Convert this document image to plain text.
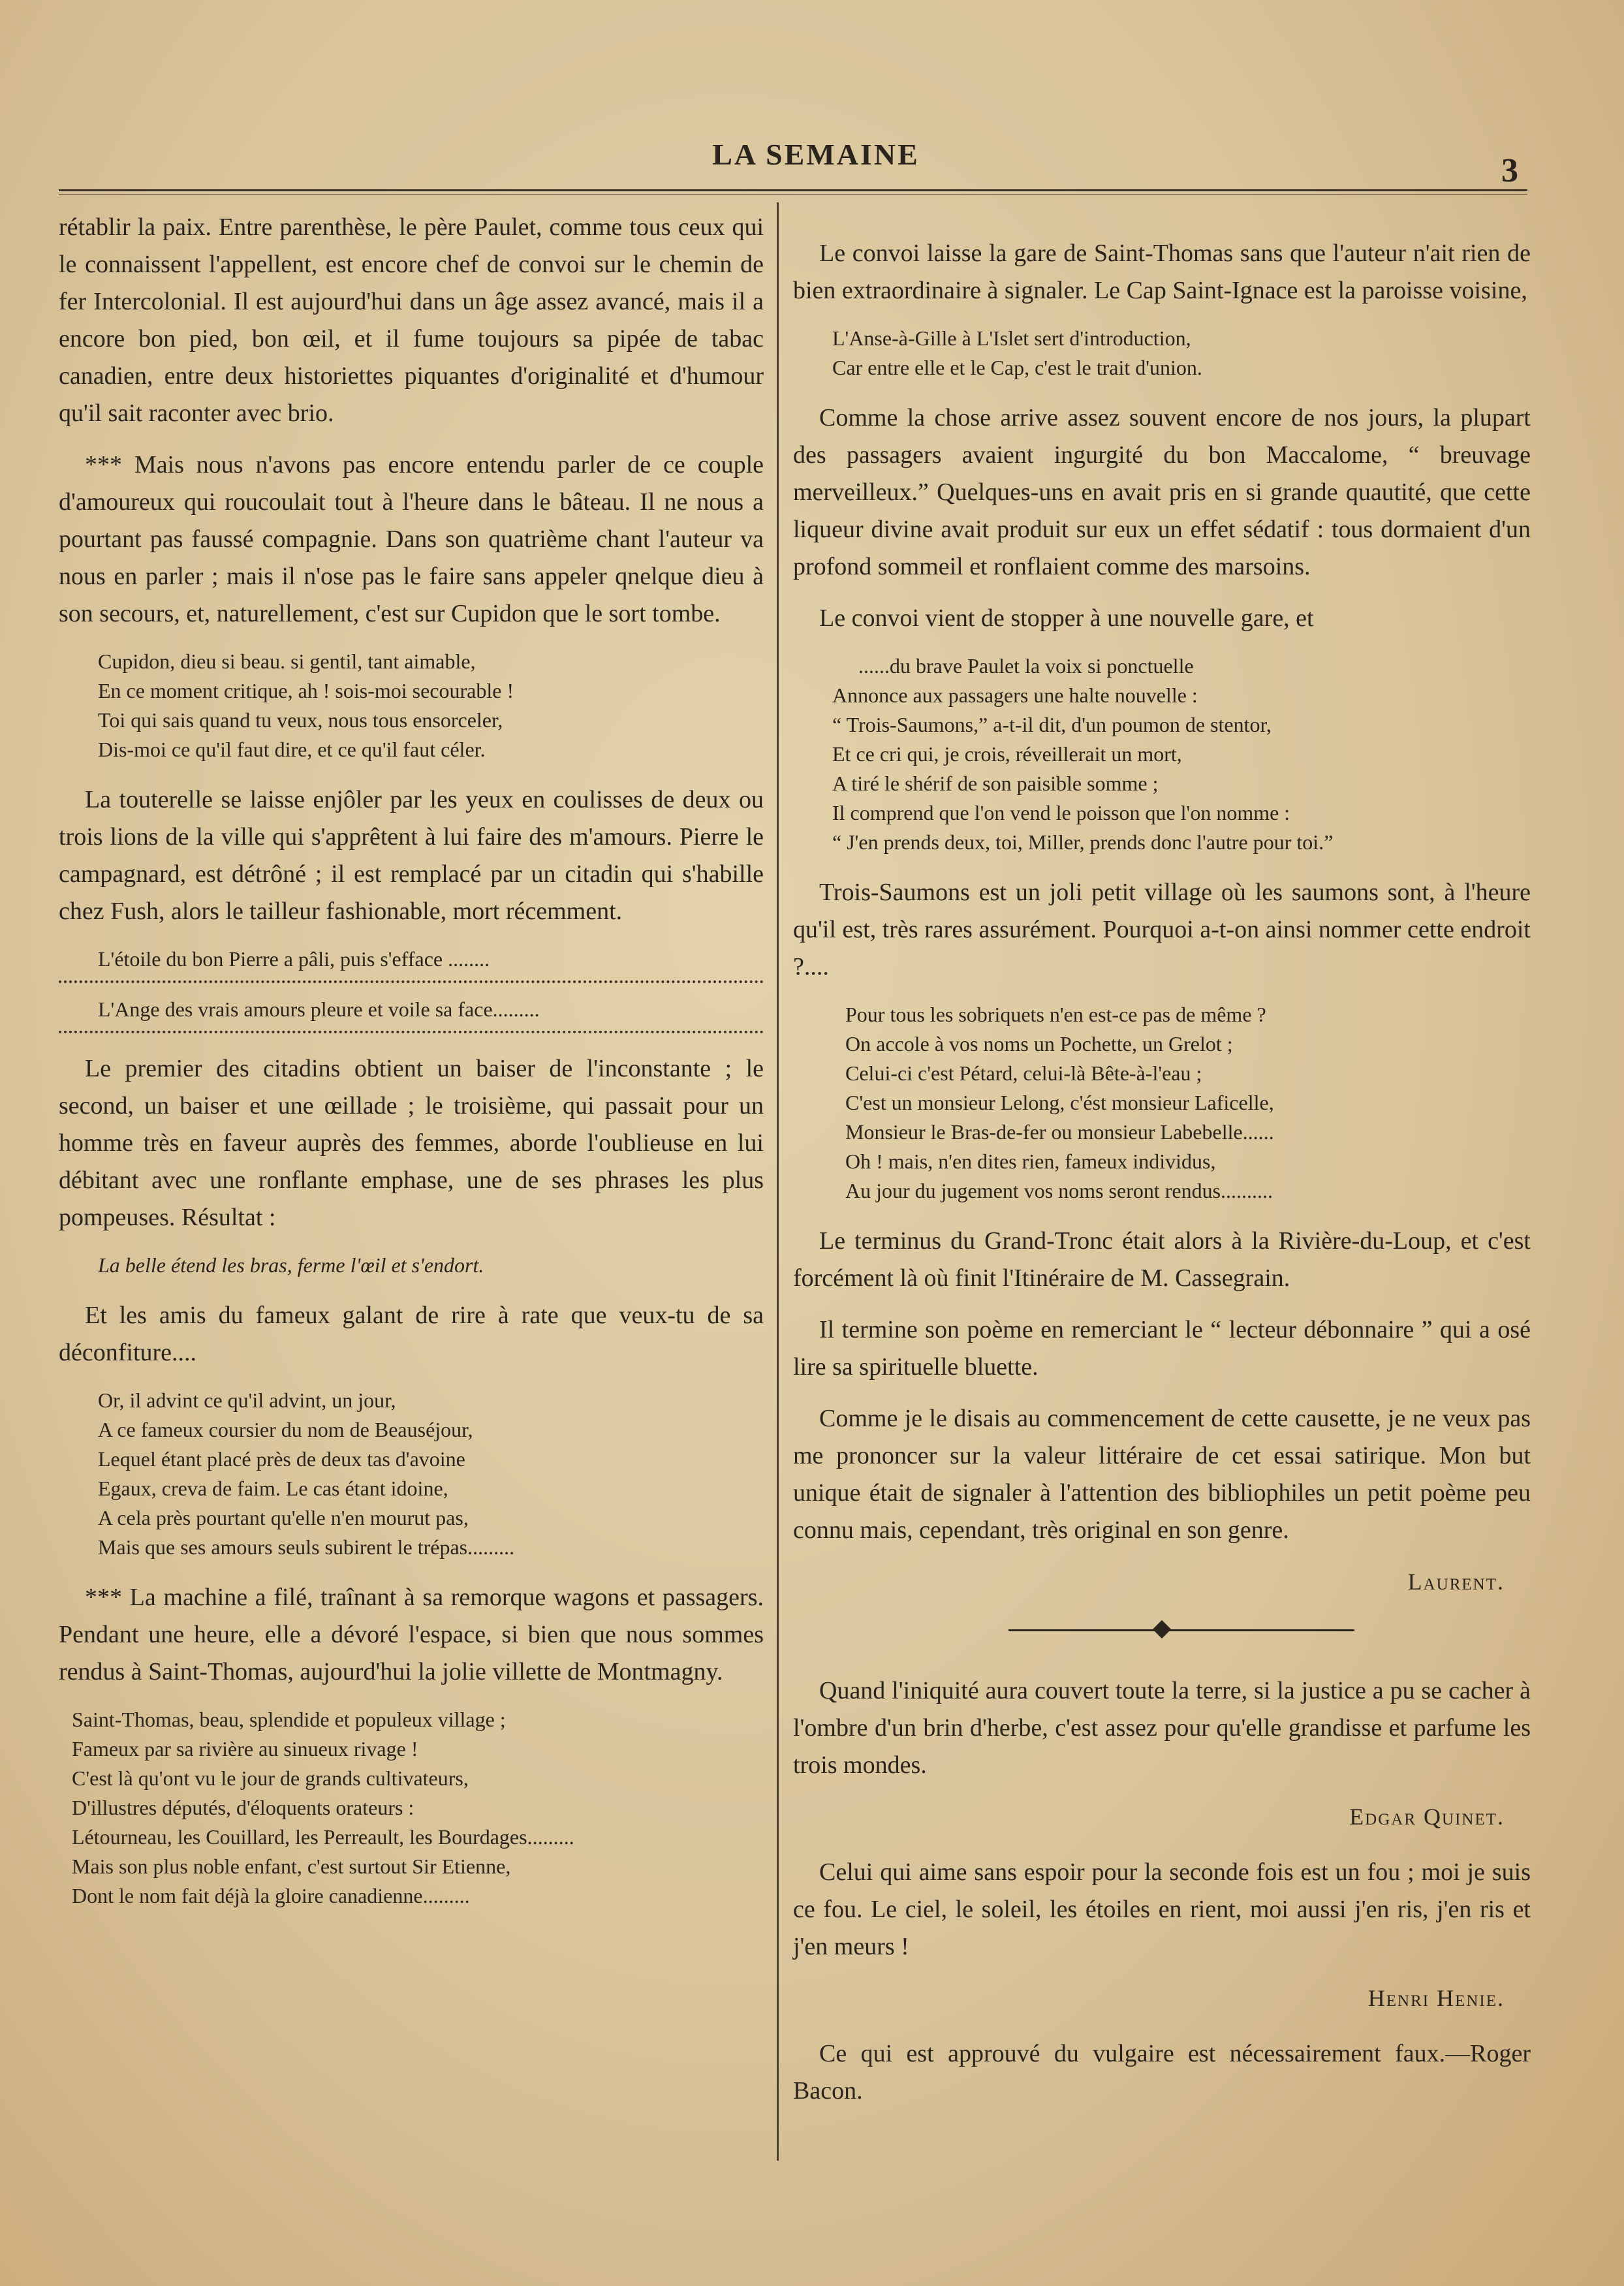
LA SEMAINE	3

rétablir la paix. Entre parenthèse, le père Paulet, comme tous ceux qui le connaissent l'appellent, est encore chef de convoi sur le chemin de fer Intercolonial. Il est aujourd'hui dans un âge assez avancé, mais il a encore bon pied, bon œil, et il fume toujours sa pipée de tabac canadien, entre deux historiettes piquantes d'originalité et d'humour qu'il sait raconter avec brio.

*** Mais nous n'avons pas encore entendu parler de ce couple d'amoureux qui roucoulait tout à l'heure dans le bâteau. Il ne nous a pourtant pas faussé compagnie. Dans son quatrième chant l'auteur va nous en parler ; mais il n'ose pas le faire sans appeler qnelque dieu à son secours, et, naturellement, c'est sur Cupidon que le sort tombe.

Cupidon, dieu si beau. si gentil, tant aimable,
En ce moment critique, ah ! sois-moi secourable !
Toi qui sais quand tu veux, nous tous ensorceler,
Dis-moi ce qu'il faut dire, et ce qu'il faut céler.

La touterelle se laisse enjôler par les yeux en coulisses de deux ou trois lions de la ville qui s'apprêtent à lui faire des m'amours. Pierre le campagnard, est détrôné ; il est remplacé par un citadin qui s'habille chez Fush, alors le tailleur fashionable, mort récemment.

L'étoile du bon Pierre a pâli, puis s'efface ........
L'Ange des vrais amours pleure et voile sa face.........

Le premier des citadins obtient un baiser de l'inconstante ; le second, un baiser et une œillade ; le troisième, qui passait pour un homme très en faveur auprès des femmes, aborde l'oublieuse en lui débitant avec une ronflante emphase, une de ses phrases les plus pompeuses. Résultat :

La belle étend les bras, ferme l'œil et s'endort.

Et les amis du fameux galant de rire à rate que veux-tu de sa déconfiture....

Or, il advint ce qu'il advint, un jour,
A ce fameux coursier du nom de Beauséjour,
Lequel étant placé près de deux tas d'avoine
Egaux, creva de faim. Le cas étant idoine,
A cela près pourtant qu'elle n'en mourut pas,
Mais que ses amours seuls subirent le trépas.........

*** La machine a filé, traînant à sa remorque wagons et passagers. Pendant une heure, elle a dévoré l'espace, si bien que nous sommes rendus à Saint-Thomas, aujourd'hui la jolie villette de Montmagny.

Saint-Thomas, beau, splendide et populeux village ;
Fameux par sa rivière au sinueux rivage !
C'est là qu'ont vu le jour de grands cultivateurs,
D'illustres députés, d'éloquents orateurs :
Létourneau, les Couillard, les Perreault, les Bourdages.........
Mais son plus noble enfant, c'est surtout Sir Etienne,
Dont le nom fait déjà la gloire canadienne.........

Le convoi laisse la gare de Saint-Thomas sans que l'auteur n'ait rien de bien extraordinaire à signaler. Le Cap Saint-Ignace est la paroisse voisine,

L'Anse-à-Gille à L'Islet sert d'introduction,
Car entre elle et le Cap, c'est le trait d'union.

Comme la chose arrive assez souvent encore de nos jours, la plupart des passagers avaient ingurgité du bon Maccalome, “ breuvage merveilleux.” Quelques-uns en avait pris en si grande quautité, que cette liqueur divine avait produit sur eux un effet sédatif : tous dormaient d'un profond sommeil et ronflaient comme des marsoins.

Le convoi vient de stopper à une nouvelle gare, et

......du brave Paulet la voix si ponctuelle
Annonce aux passagers une halte nouvelle :
“ Trois-Saumons,” a-t-il dit, d'un poumon de stentor,
Et ce cri qui, je crois, réveillerait un mort,
A tiré le shérif de son paisible somme ;
Il comprend que l'on vend le poisson que l'on nomme :
“ J'en prends deux, toi, Miller, prends donc l'autre pour toi.”

Trois-Saumons est un joli petit village où les saumons sont, à l'heure qu'il est, très rares assurément. Pourquoi a-t-on ainsi nommer cette endroit ?....

Pour tous les sobriquets n'en est-ce pas de même ?
On accole à vos noms un Pochette, un Grelot ;
Celui-ci c'est Pétard, celui-là Bête-à-l'eau ;
C'est un monsieur Lelong, c'ést monsieur Laficelle,
Monsieur le Bras-de-fer ou monsieur Labebelle......
Oh ! mais, n'en dites rien, fameux individus,
Au jour du jugement vos noms seront rendus..........

Le terminus du Grand-Tronc était alors à la Rivière-du-Loup, et c'est forcément là où finit l'Itinéraire de M. Cassegrain.

Il termine son poème en remerciant le “ lecteur débonnaire ” qui a osé lire sa spirituelle bluette.

Comme je le disais au commencement de cette causette, je ne veux pas me prononcer sur la valeur littéraire de cet essai satirique. Mon but unique était de signaler à l'attention des bibliophiles un petit poème peu connu mais, cependant, très original en son genre.

Laurent.

Quand l'iniquité aura couvert toute la terre, si la justice a pu se cacher à l'ombre d'un brin d'herbe, c'est assez pour qu'elle grandisse et parfume les trois mondes.

Edgar Quinet.

Celui qui aime sans espoir pour la seconde fois est un fou ; moi je suis ce fou. Le ciel, le soleil, les étoiles en rient, moi aussi j'en ris, j'en ris et j'en meurs !

Henri Henie.

Ce qui est approuvé du vulgaire est nécessairement faux.—Roger Bacon.
